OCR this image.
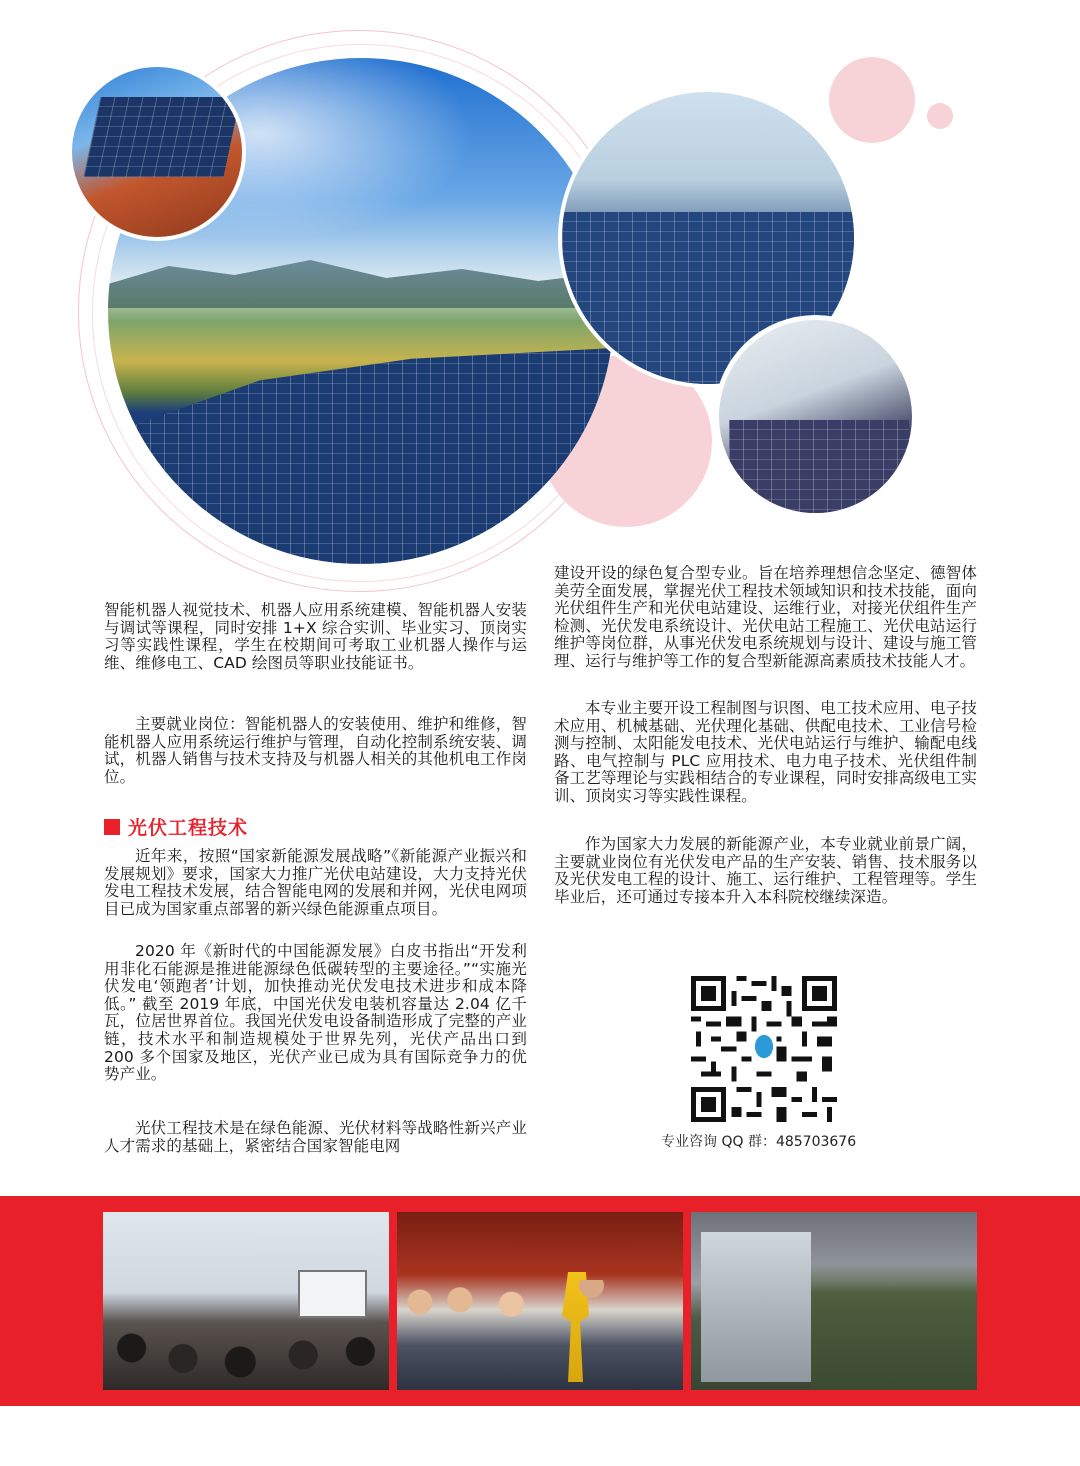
智能机器人视觉技术、机器人应用系统建模、智能机器人安装与调试等课程，同时安排 1+X 综合实训、毕业实习、顶岗实习等实践性课程，学生在校期间可考取工业机器人操作与运维、维修电工、CAD 绘图员等职业技能证书。

主要就业岗位：智能机器人的安装使用、维护和维修，智能机器人应用系统运行维护与管理，自动化控制系统安装、调试，机器人销售与技术支持及与机器人相关的其他机电工作岗位。

光伏工程技术

近年来，按照“国家新能源发展战略”《新能源产业振兴和发展规划》要求，国家大力推广光伏电站建设，大力支持光伏发电工程技术发展，结合智能电网的发展和并网，光伏电网项目已成为国家重点部署的新兴绿色能源重点项目。

2020 年《新时代的中国能源发展》白皮书指出“开发利用非化石能源是推进能源绿色低碳转型的主要途径。”“实施光伏发电‘领跑者’计划，加快推动光伏发电技术进步和成本降低。” 截至 2019 年底，中国光伏发电装机容量达 2.04 亿千瓦，位居世界首位。我国光伏发电设备制造形成了完整的产业链，技术水平和制造规模处于世界先列，光伏产品出口到 200 多个国家及地区，光伏产业已成为具有国际竞争力的优势产业。

光伏工程技术是在绿色能源、光伏材料等战略性新兴产业人才需求的基础上，紧密结合国家智能电网

建设开设的绿色复合型专业。旨在培养理想信念坚定、德智体美劳全面发展，掌握光伏工程技术领域知识和技术技能，面向光伏组件生产和光伏电站建设、运维行业，对接光伏组件生产检测、光伏发电系统设计、光伏电站工程施工、光伏电站运行维护等岗位群，从事光伏发电系统规划与设计、建设与施工管理、运行与维护等工作的复合型新能源高素质技术技能人才。

本专业主要开设工程制图与识图、电工技术应用、电子技术应用、机械基础、光伏理化基础、供配电技术、工业信号检测与控制、太阳能发电技术、光伏电站运行与维护、输配电线路、电气控制与 PLC 应用技术、电力电子技术、光伏组件制备工艺等理论与实践相结合的专业课程，同时安排高级电工实训、顶岗实习等实践性课程。

作为国家大力发展的新能源产业，本专业就业前景广阔，主要就业岗位有光伏发电产品的生产安装、销售、技术服务以及光伏发电工程的设计、施工、运行维护、工程管理等。学生毕业后，还可通过专接本升入本科院校继续深造。

专业咨询 QQ 群：485703676
